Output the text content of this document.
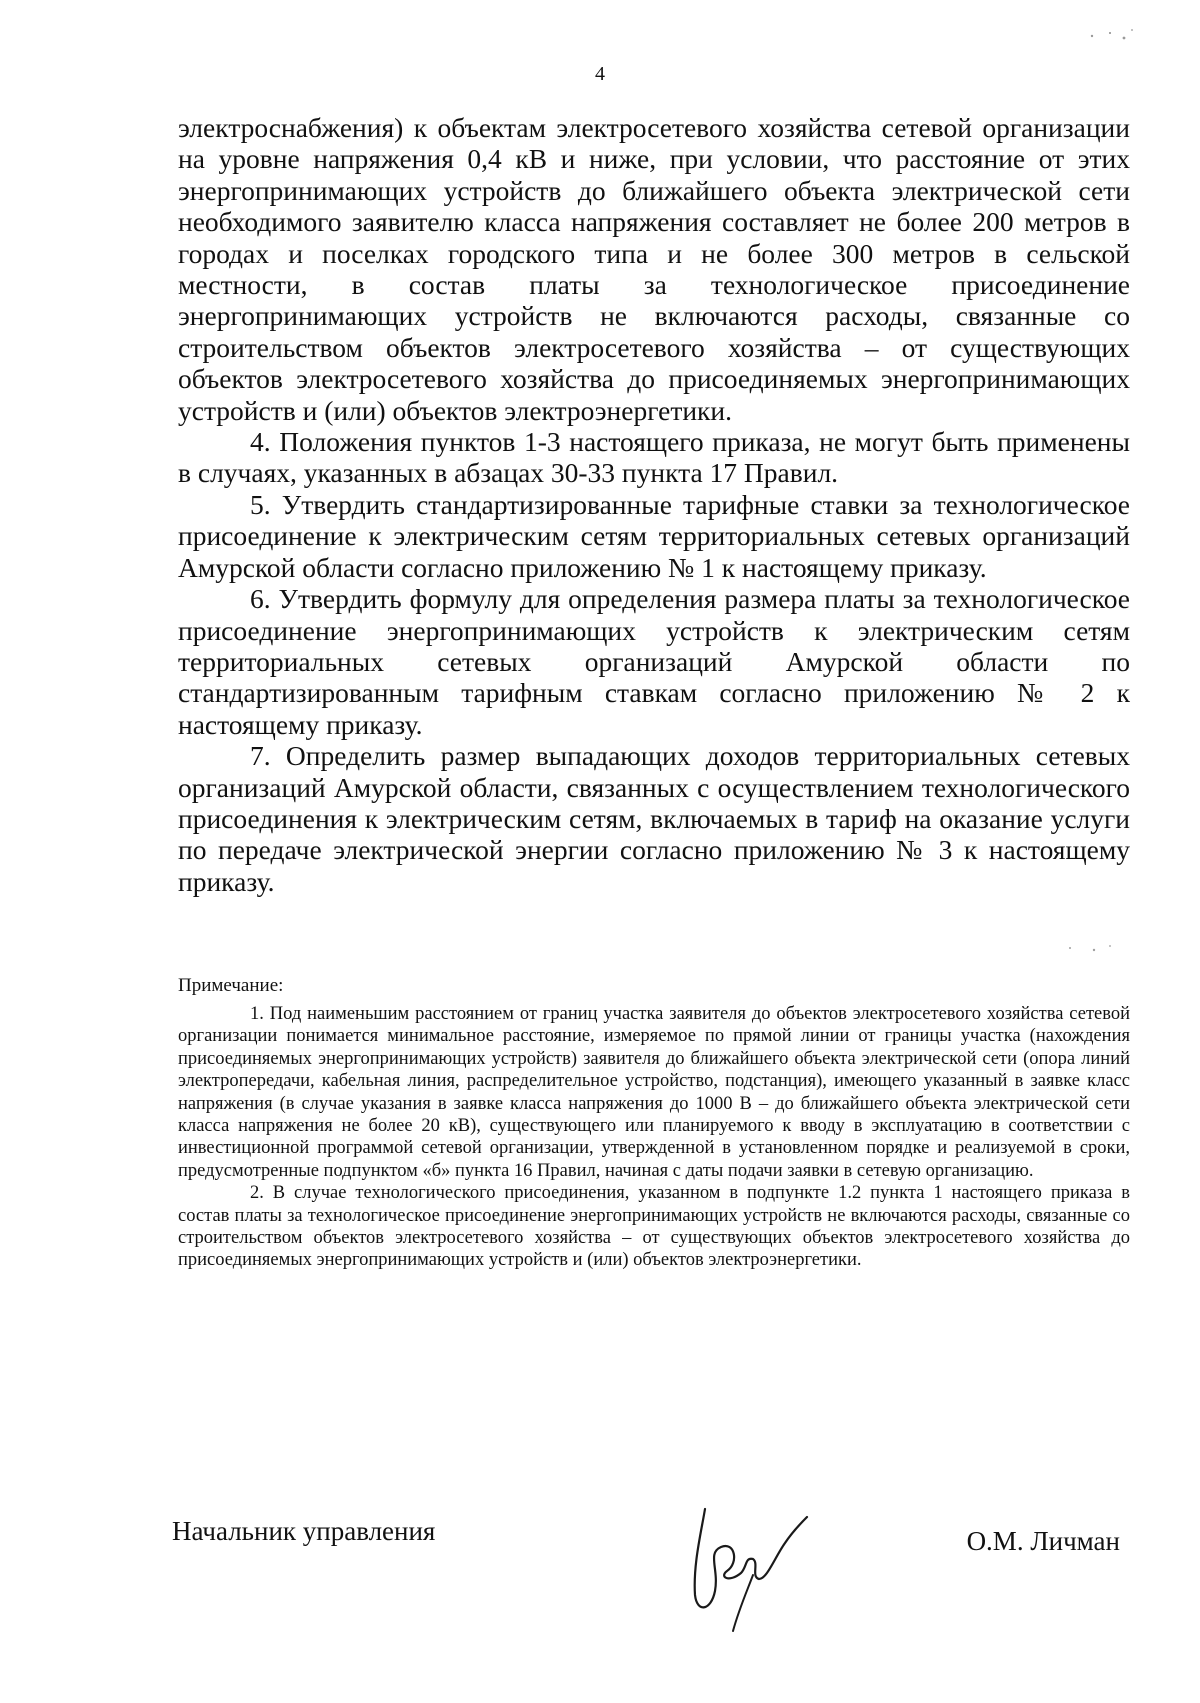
4

электроснабжения) к объектам электросетевого хозяйства сетевой организации на уровне напряжения 0,4 кВ и ниже, при условии, что расстояние от этих энергопринимающих устройств до ближайшего объекта электрической сети необходимого заявителю класса напряжения составляет не более 200 метров в городах и поселках городского типа и не более 300 метров в сельской местности, в состав платы за технологическое присоединение энергопринимающих устройств не включаются расходы, связанные со строительством объектов электросетевого хозяйства – от существующих объектов электросетевого хозяйства до присоединяемых энергопринимающих устройств и (или) объектов электроэнергетики.

4. Положения пунктов 1-3 настоящего приказа, не могут быть применены в случаях, указанных в абзацах 30-33 пункта 17 Правил.

5. Утвердить стандартизированные тарифные ставки за технологическое присоединение к электрическим сетям территориальных сетевых организаций Амурской области согласно приложению № 1 к настоящему приказу.

6. Утвердить формулу для определения размера платы за технологическое присоединение энергопринимающих устройств к электрическим сетям территориальных сетевых организаций Амурской области по стандартизированным тарифным ставкам согласно приложению № 2 к настоящему приказу.

7. Определить размер выпадающих доходов территориальных сетевых организаций Амурской области, связанных с осуществлением технологического присоединения к электрическим сетям, включаемых в тариф на оказание услуги по передаче электрической энергии согласно приложению № 3 к настоящему приказу.

Примечание:

1. Под наименьшим расстоянием от границ участка заявителя до объектов электросетевого хозяйства сетевой организации понимается минимальное расстояние, измеряемое по прямой линии от границы участка (нахождения присоединяемых энергопринимающих устройств) заявителя до ближайшего объекта электрической сети (опора линий электропередачи, кабельная линия, распределительное устройство, подстанция), имеющего указанный в заявке класс напряжения (в случае указания в заявке класса напряжения до 1000 В – до ближайшего объекта электрической сети класса напряжения не более 20 кВ), существующего или планируемого к вводу в эксплуатацию в соответствии с инвестиционной программой сетевой организации, утвержденной в установленном порядке и реализуемой в сроки, предусмотренные подпунктом «б» пункта 16 Правил, начиная с даты подачи заявки в сетевую организацию.

2. В случае технологического присоединения, указанном в подпункте 1.2 пункта 1 настоящего приказа в состав платы за технологическое присоединение энергопринимающих устройств не включаются расходы, связанные со строительством объектов электросетевого хозяйства – от существующих объектов электросетевого хозяйства до присоединяемых энергопринимающих устройств и (или) объектов электроэнергетики.

Начальник управления	О.М. Личман
